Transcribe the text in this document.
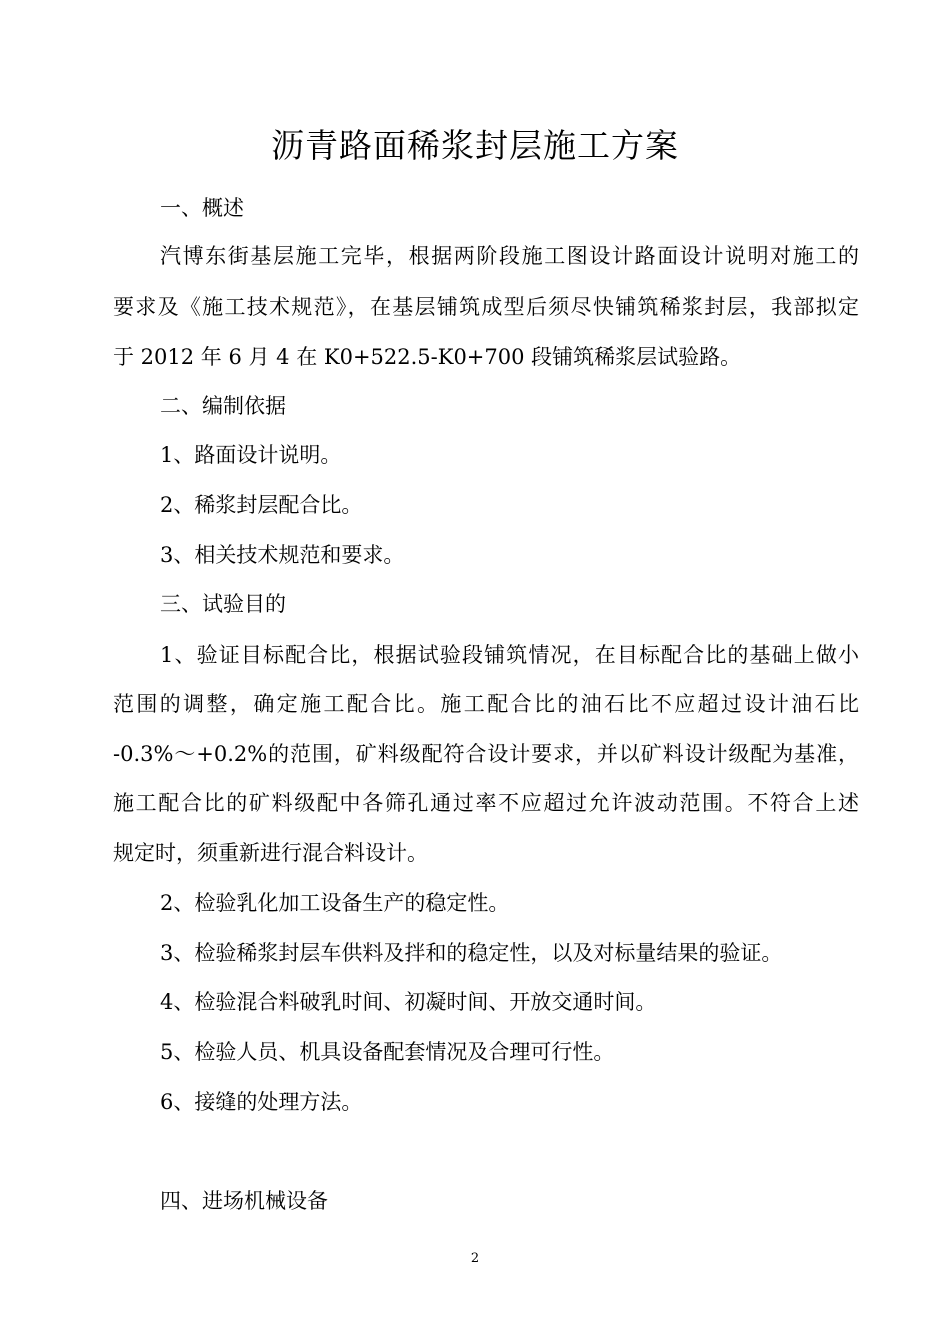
沥青路面稀浆封层施工方案

一、概述

汽博东街基层施工完毕，根据两阶段施工图设计路面设计说明对施工的

要求及《施工技术规范》，在基层铺筑成型后须尽快铺筑稀浆封层，我部拟定

于 2012 年 6 月 4 在 K0+522.5-K0+700 段铺筑稀浆层试验路。

二、编制依据

1、路面设计说明。

2、稀浆封层配合比。

3、相关技术规范和要求。

三、试验目的

1、验证目标配合比，根据试验段铺筑情况，在目标配合比的基础上做小

范围的调整，确定施工配合比。施工配合比的油石比不应超过设计油石比

-0.3%～+0.2%的范围，矿料级配符合设计要求，并以矿料设计级配为基准，

施工配合比的矿料级配中各筛孔通过率不应超过允许波动范围。不符合上述

规定时，须重新进行混合料设计。

2、检验乳化加工设备生产的稳定性。

3、检验稀浆封层车供料及拌和的稳定性，以及对标量结果的验证。

4、检验混合料破乳时间、初凝时间、开放交通时间。

5、检验人员、机具设备配套情况及合理可行性。

6、接缝的处理方法。

四、进场机械设备

2
